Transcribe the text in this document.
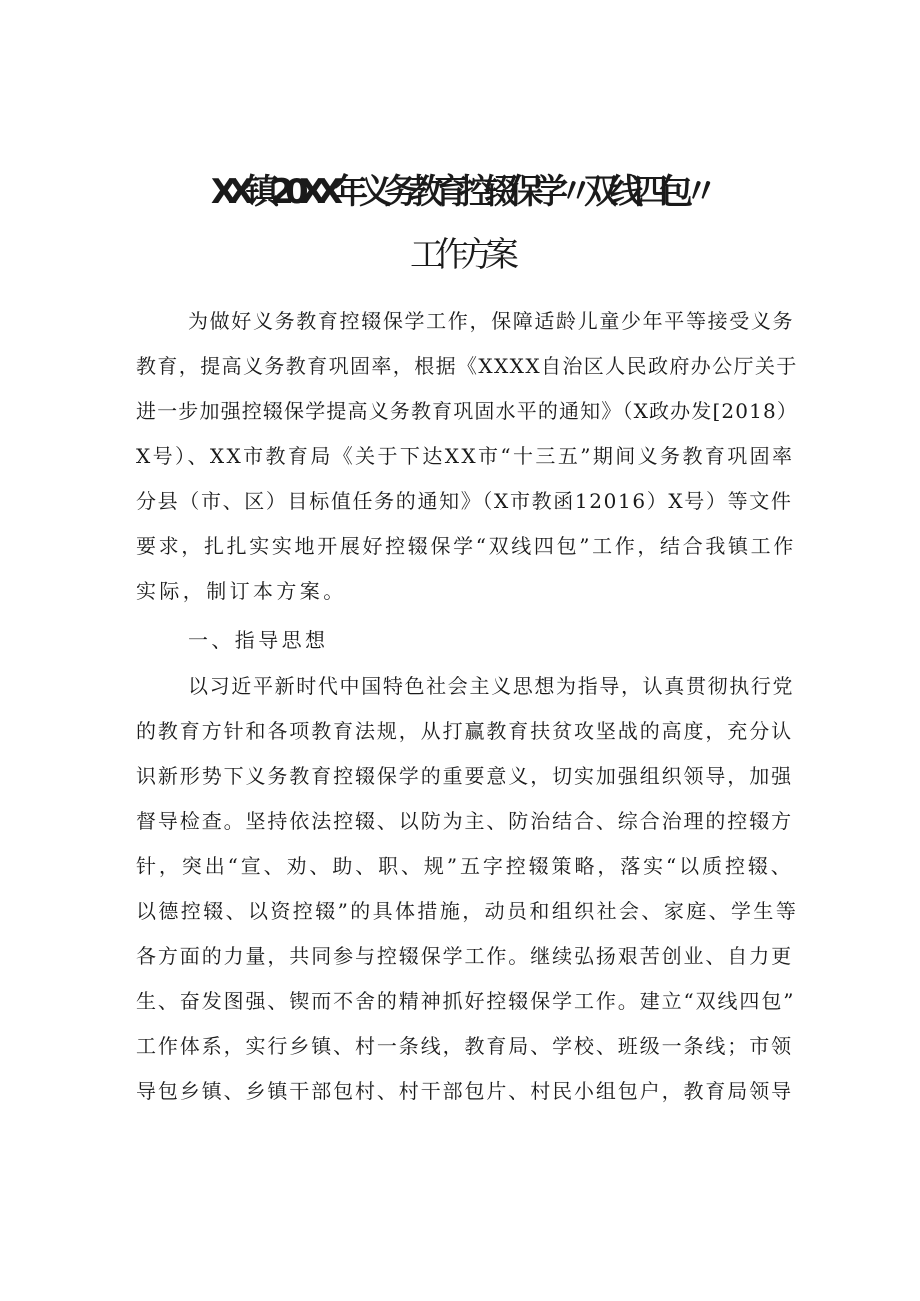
XX镇20XX年义务教育控辍保学〃双线四包〃
工作方案
为做好义务教育控辍保学工作，保障适龄儿童少年平等接受义务
教育，提高义务教育巩固率，根据《XXXX自治区人民政府办公厅关于
进一步加强控辍保学提高义务教育巩固水平的通知》（X政办发[2018）
X号）、XX市教育局《关于下达XX市“十三五”期间义务教育巩固率
分县（市、区）目标值任务的通知》（X市教函12016）X号）等文件
要求，扎扎实实地开展好控辍保学“双线四包”工作，结合我镇工作
实际，制订本方案。
一、指导思想
以习近平新时代中国特色社会主义思想为指导，认真贯彻执行党
的教育方针和各项教育法规，从打赢教育扶贫攻坚战的高度，充分认
识新形势下义务教育控辍保学的重要意义，切实加强组织领导，加强
督导检查。坚持依法控辍、以防为主、防治结合、综合治理的控辍方
针，突出“宣、劝、助、职、规”五字控辍策略，落实“以质控辍、
以德控辍、以资控辍”的具体措施，动员和组织社会、家庭、学生等
各方面的力量，共同参与控辍保学工作。继续弘扬艰苦创业、自力更
生、奋发图强、锲而不舍的精神抓好控辍保学工作。建立“双线四包”
工作体系，实行乡镇、村一条线，教育局、学校、班级一条线；市领
导包乡镇、乡镇干部包村、村干部包片、村民小组包户，教育局领导
